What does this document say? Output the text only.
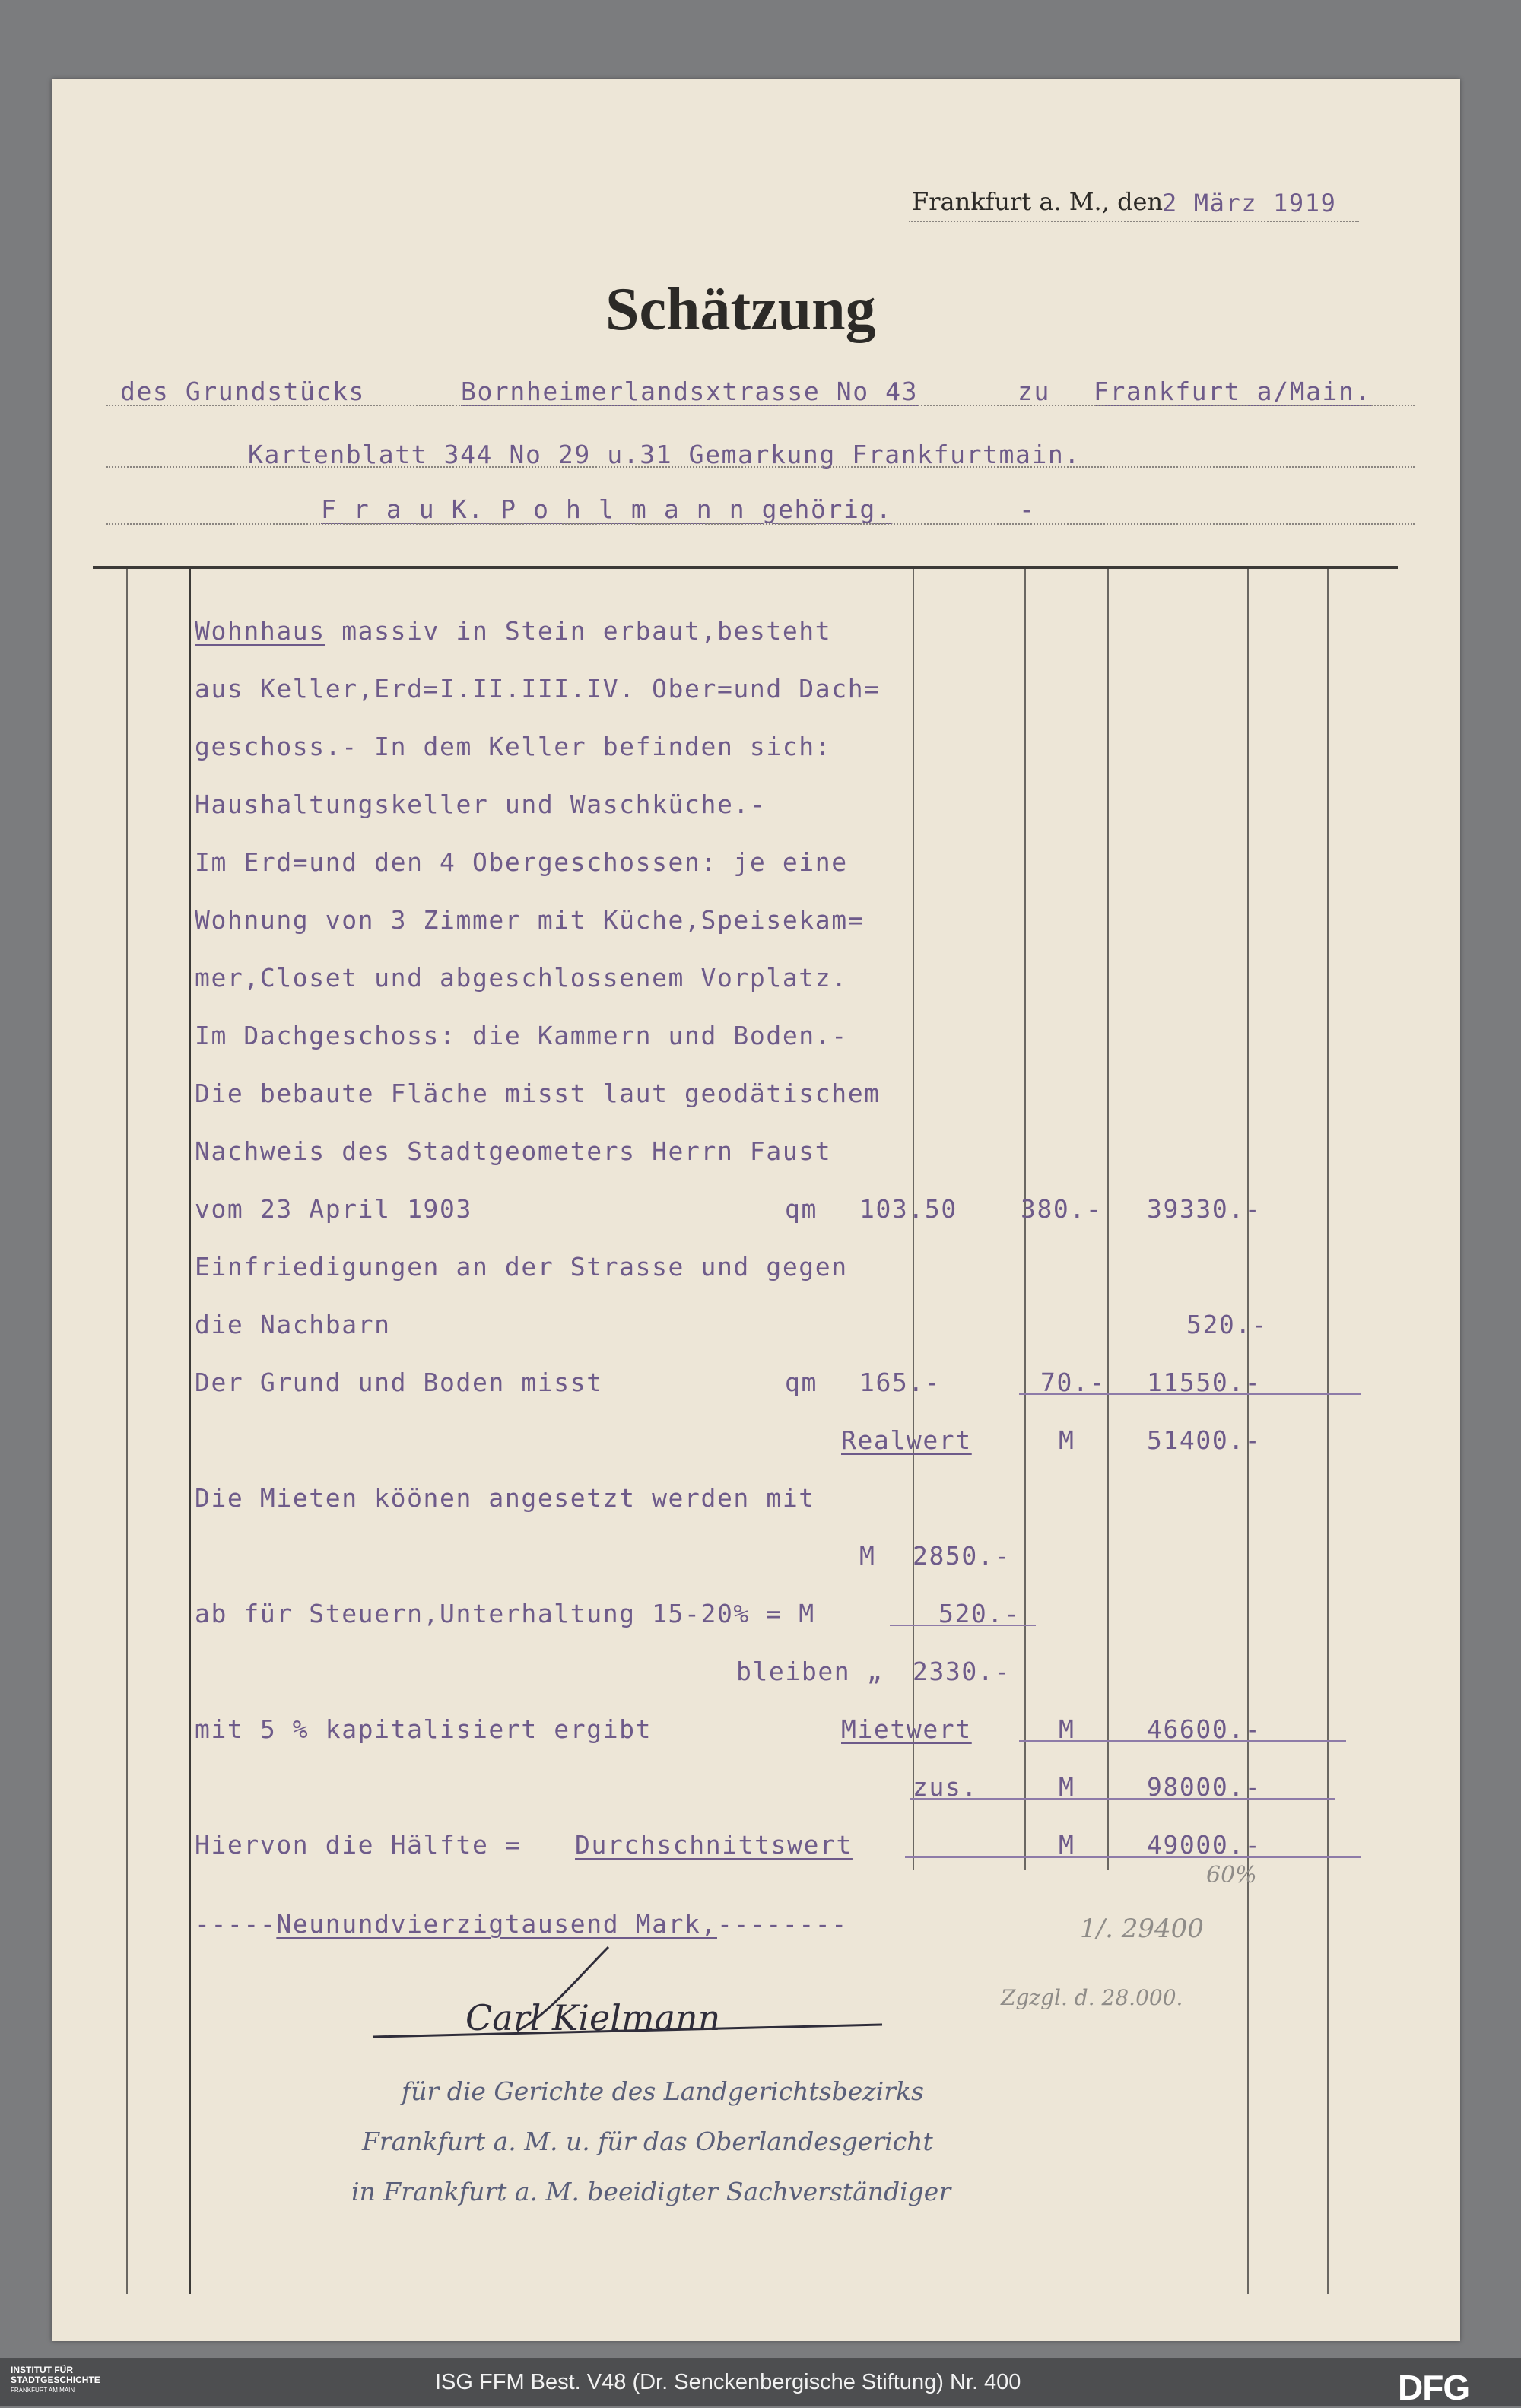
Frankfurt a. M., den
2 März 1919
Schätzung
des Grundstücks	Bornheimerlandsxtrasse No 43	zu Frankfurt a/Main.
Kartenblatt 344 No 29 u.31 Gemarkung Frankfurtmain.
F r a u K. P o h l m a n n gehörig.	-
Wohnhaus massiv in Stein erbaut,besteht
aus Keller,Erd=I.II.III.IV. Ober=und Dach=
geschoss.- In dem Keller befinden sich:
Haushaltungskeller und Waschküche.-
Im Erd=und den 4 Obergeschossen: je eine
Wohnung von 3 Zimmer mit Küche,Speisekam=
mer,Closet und abgeschlossenem Vorplatz.
Im Dachgeschoss: die Kammern und Boden.-
Die bebaute Fläche misst laut geodätischem
Nachweis des Stadtgeometers Herrn Faust
vom 23 April 1903	qm 103.50	380.- 39330.-
Einfriedigungen an der Strasse und gegen
die Nachbarn	520.-
Der Grund und Boden misst	qm 165.-	70.- 11550.-
Realwert	M	51400.-
Die Mieten köönen angesetzt werden mit
M 2850.-
ab für Steuern,Unterhaltung 15-20% = M	520.-
bleiben „ 2330.-
mit 5 % kapitalisiert ergibt	Mietwert	M	46600.-
zus.	M	98000.-
Hiervon die Hälfte = Durchschnittswert	M	49000.-
-----Neunundvierzigtausend Mark,--------
60%
1/. 29400
Zgzgl. d. 28.000.
Carl Kielmann
für die Gerichte des Landgerichtsbezirks
Frankfurt a. M. u. für das Oberlandesgericht
in Frankfurt a. M. beeidigter Sachverständiger
INSTITUT FÜR
STADTGESCHICHTE
FRANKFURT AM MAIN	ISG FFM Best. V48 (Dr. Senckenbergische Stiftung) Nr. 400	DFG
